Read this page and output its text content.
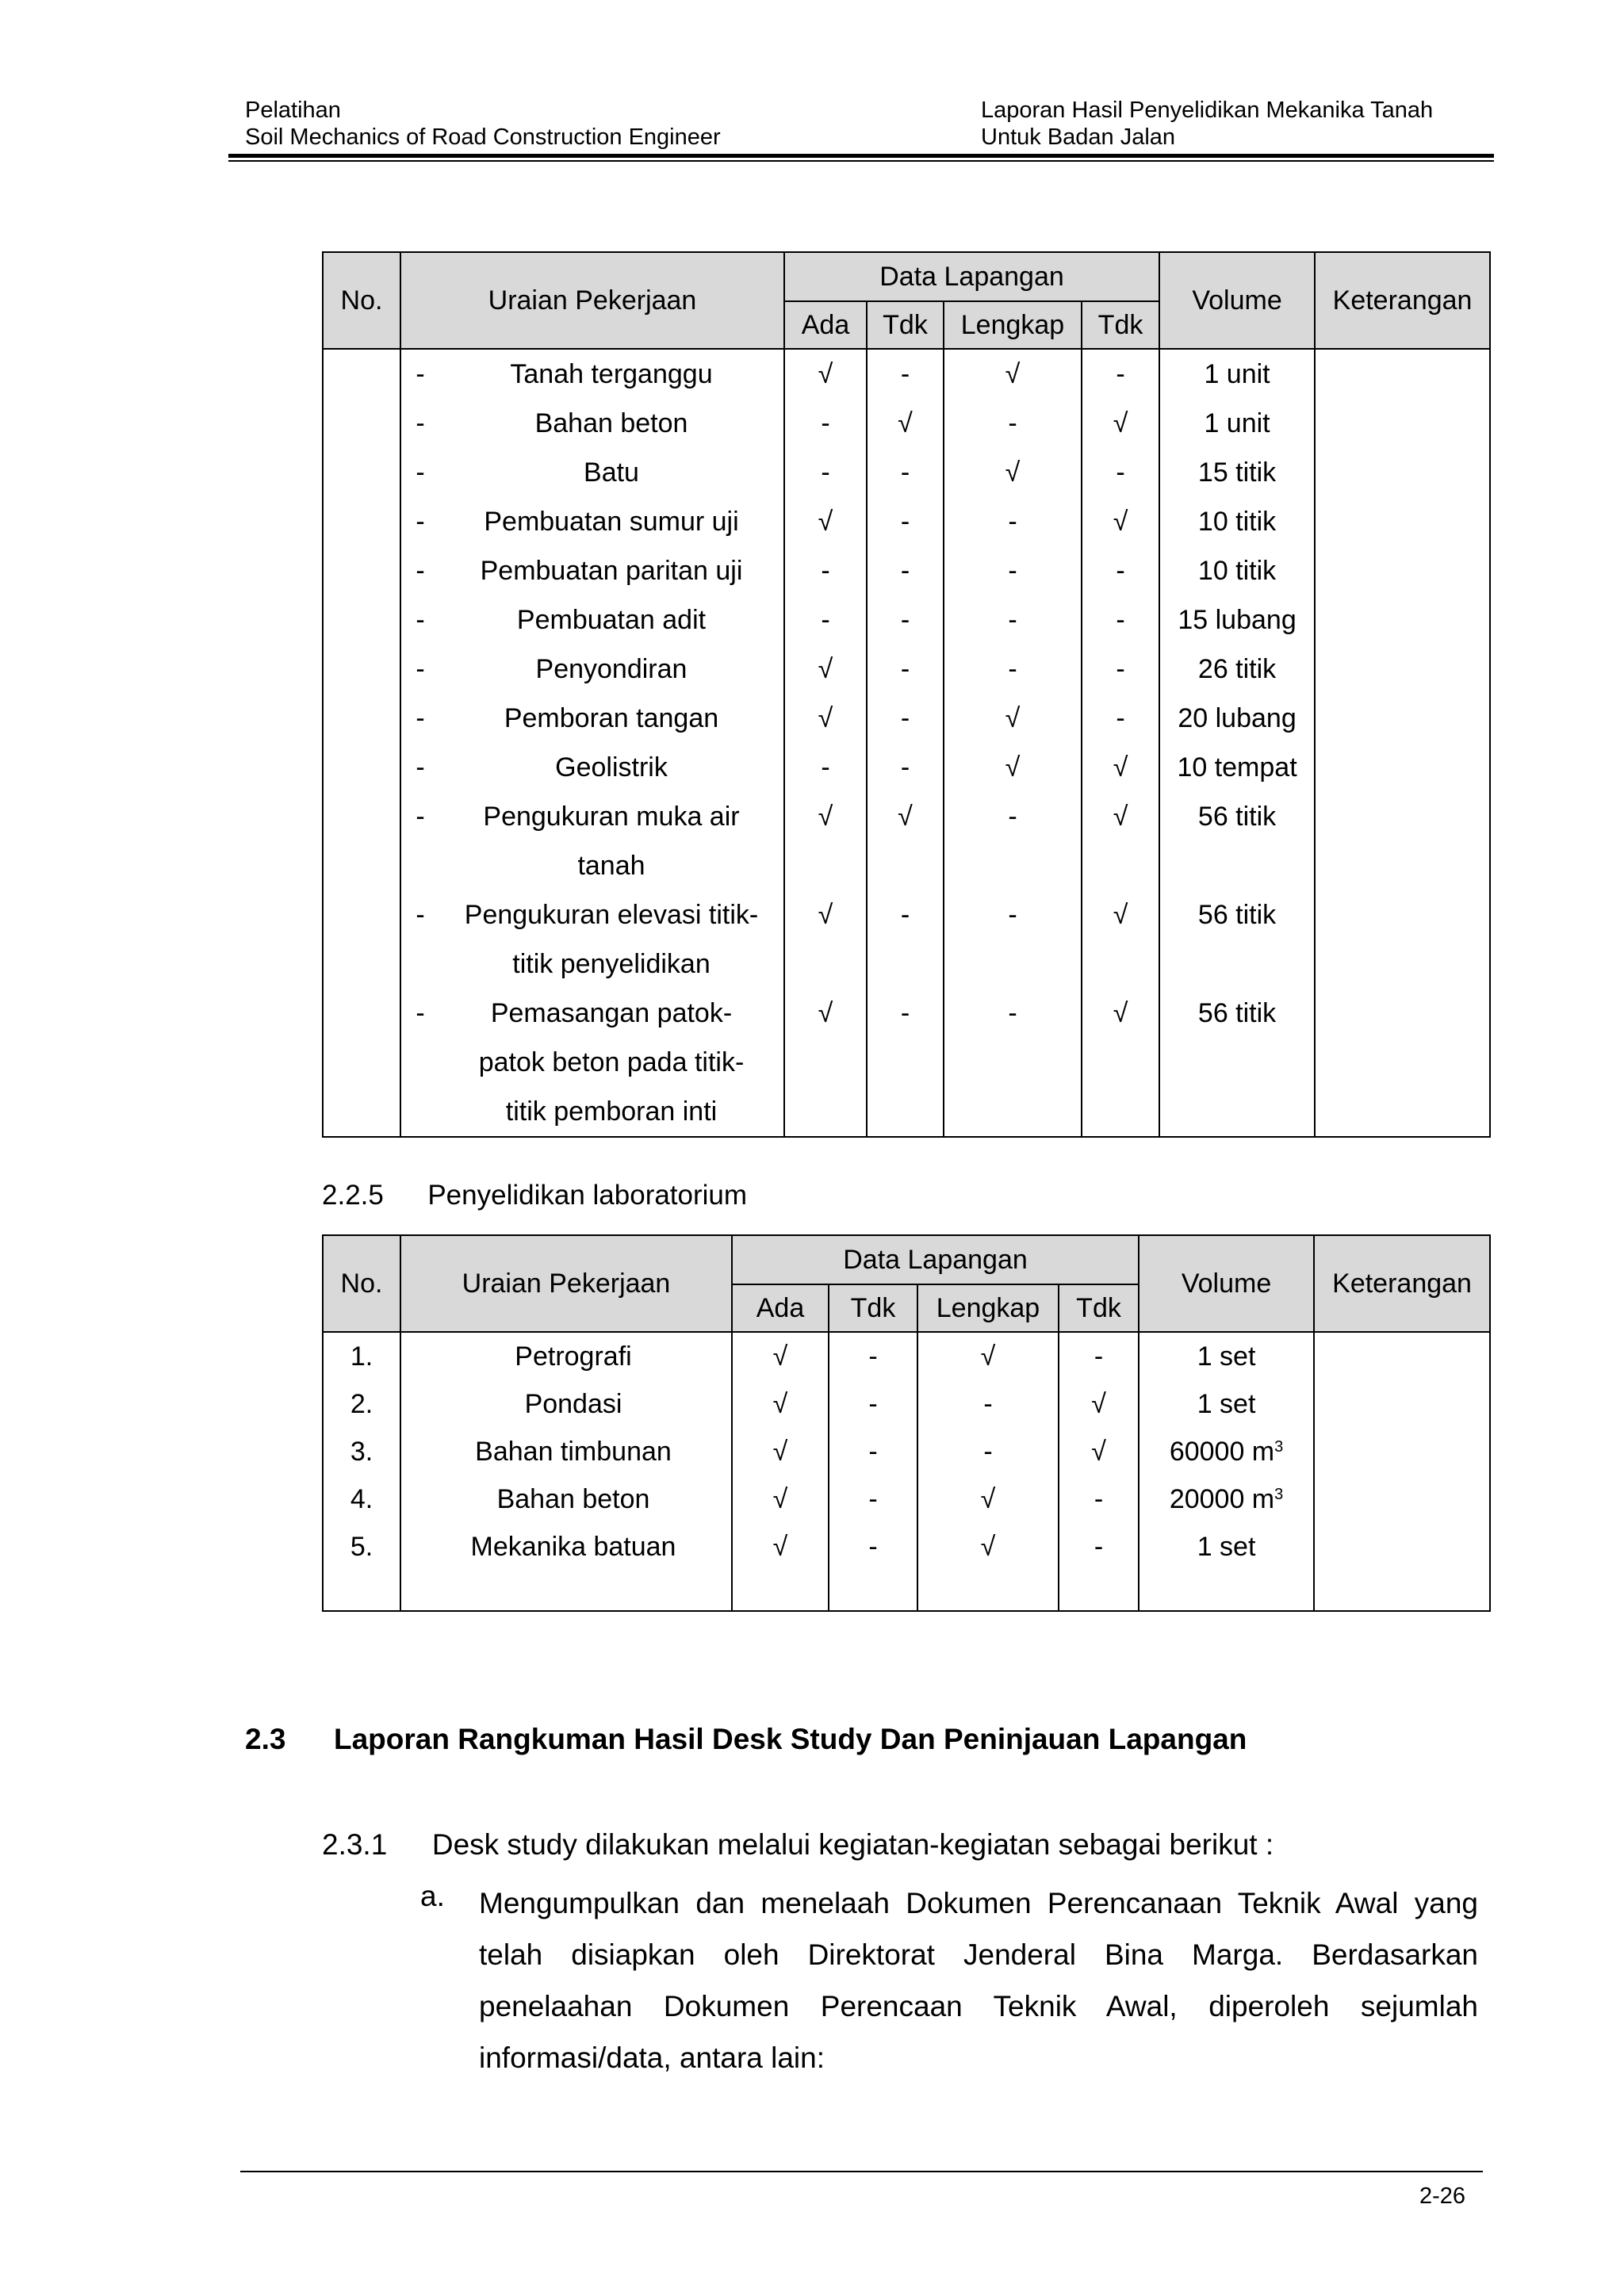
Pelatihan
Soil Mechanics of Road Construction Engineer
Laporan Hasil Penyelidikan Mekanika Tanah
Untuk Badan Jalan
No.	Uraian Pekerjaan	Data Lapangan				Volume	Keterangan
		Ada	Tdk	Lengkap	Tdk		

	- Tanah terganggu	√	-	√	-	1 unit	

	- Bahan beton	-	√	-	√	1 unit	

	- Batu	-	-	√	-	15 titik	

	- Pembuatan sumur uji	√	-	-	√	10 titik	

	- Pembuatan paritan uji	-	-	-	-	10 titik	

	- Pembuatan adit	-	-	-	-	15 lubang	

	- Penyondiran	√	-	-	-	26 titik	

	- Pemboran tangan	√	-	√	-	20 lubang	

	- Geolistrik	-	-	√	√	10 tempat	

	- Pengukuran muka air
tanah	√	√	-	√	56 titik	

	- Pengukuran elevasi titik-
titik penyelidikan	√	-	-	√	56 titik	

	- Pemasangan patok-
patok beton pada titik-
titik pemboran inti	√	-	-	√	56 titik	

2.2.5 Penyelidikan laboratorium
No.	Uraian Pekerjaan	Data Lapangan				Volume	Keterangan
		Ada	Tdk	Lengkap	Tdk		

1.	Petrografi	√	-	√	-	1 set	

2.	Pondasi	√	-	-	√	1 set	

3.	Bahan timbunan	√	-	-	√	60000 $m^3$

4.	Bahan beton	√	-	√	-	20000 $m^3$

5.	Mekanika batuan	√	-	√	-	1 set	

2.3 Laporan Rangkuman Hasil Desk Study Dan Peninjauan Lapangan
2.3.1 Desk study dilakukan melalui kegiatan-kegiatan sebagai berikut :
a. Mengumpulkan dan menelaah Dokumen Perencanaan Teknik Awal yang telah disiapkan oleh Direktorat Jenderal Bina Marga. Berdasarkan penelaahan Dokumen Perencaan Teknik Awal, diperoleh sejumlah informasi/data, antara lain:
2-26
